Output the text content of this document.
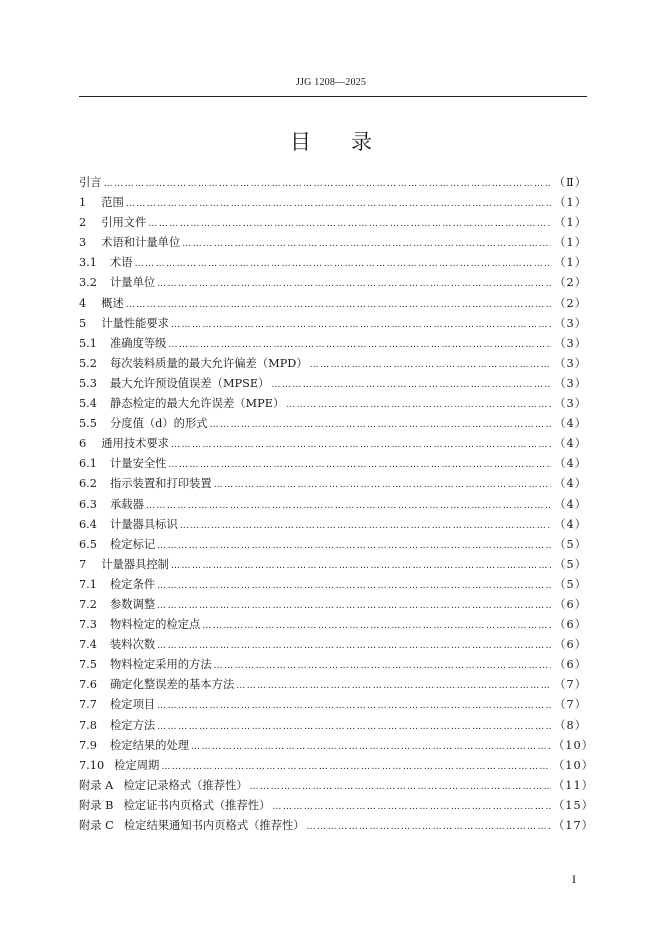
JJG 1208—2025
目录
引言 …………………………………………………………………………………………………………………………………………………………………………………………………………	（Ⅱ）
1 范围 …………………………………………………………………………………………………………………………………………………………………………………………………………	（1）
2 引用文件 …………………………………………………………………………………………………………………………………………………………………………………………………………	（1）
3 术语和计量单位 …………………………………………………………………………………………………………………………………………………………………………………………………………	（1）
3.1 术语 …………………………………………………………………………………………………………………………………………………………………………………………………………	（1）
3.2 计量单位 …………………………………………………………………………………………………………………………………………………………………………………………………………	（2）
4 概述 …………………………………………………………………………………………………………………………………………………………………………………………………………	（2）
5 计量性能要求 …………………………………………………………………………………………………………………………………………………………………………………………………………	（3）
5.1 准确度等级 …………………………………………………………………………………………………………………………………………………………………………………………………………	（3）
5.2 每次装料质量的最大允许偏差（MPD） …………………………………………………………………………………………………………………………………………………………………………………………………………	（3）
5.3 最大允许预设值误差（MPSE） …………………………………………………………………………………………………………………………………………………………………………………………………………	（3）
5.4 静态检定的最大允许误差（MPE） …………………………………………………………………………………………………………………………………………………………………………………………………………	（3）
5.5 分度值（d）的形式 …………………………………………………………………………………………………………………………………………………………………………………………………………	（4）
6 通用技术要求 …………………………………………………………………………………………………………………………………………………………………………………………………………	（4）
6.1 计量安全性 …………………………………………………………………………………………………………………………………………………………………………………………………………	（4）
6.2 指示装置和打印装置 …………………………………………………………………………………………………………………………………………………………………………………………………………	（4）
6.3 承载器 …………………………………………………………………………………………………………………………………………………………………………………………………………	（4）
6.4 计量器具标识 …………………………………………………………………………………………………………………………………………………………………………………………………………	（4）
6.5 检定标记 …………………………………………………………………………………………………………………………………………………………………………………………………………	（5）
7 计量器具控制 …………………………………………………………………………………………………………………………………………………………………………………………………………	（5）
7.1 检定条件 …………………………………………………………………………………………………………………………………………………………………………………………………………	（5）
7.2 参数调整 …………………………………………………………………………………………………………………………………………………………………………………………………………	（6）
7.3 物料检定的检定点 …………………………………………………………………………………………………………………………………………………………………………………………………………	（6）
7.4 装料次数 …………………………………………………………………………………………………………………………………………………………………………………………………………	（6）
7.5 物料检定采用的方法 …………………………………………………………………………………………………………………………………………………………………………………………………………	（6）
7.6 确定化整误差的基本方法 …………………………………………………………………………………………………………………………………………………………………………………………………………	（7）
7.7 检定项目 …………………………………………………………………………………………………………………………………………………………………………………………………………	（7）
7.8 检定方法 …………………………………………………………………………………………………………………………………………………………………………………………………………	（8）
7.9 检定结果的处理 …………………………………………………………………………………………………………………………………………………………………………………………………………	（10）
7.10 检定周期 …………………………………………………………………………………………………………………………………………………………………………………………………………	（10）
附录 A 检定记录格式（推荐性） …………………………………………………………………………………………………………………………………………………………………………………………………………	（11）
附录 B 检定证书内页格式（推荐性） …………………………………………………………………………………………………………………………………………………………………………………………………………	（15）
附录 C 检定结果通知书内页格式（推荐性） …………………………………………………………………………………………………………………………………………………………………………………………………………	（17）
I
